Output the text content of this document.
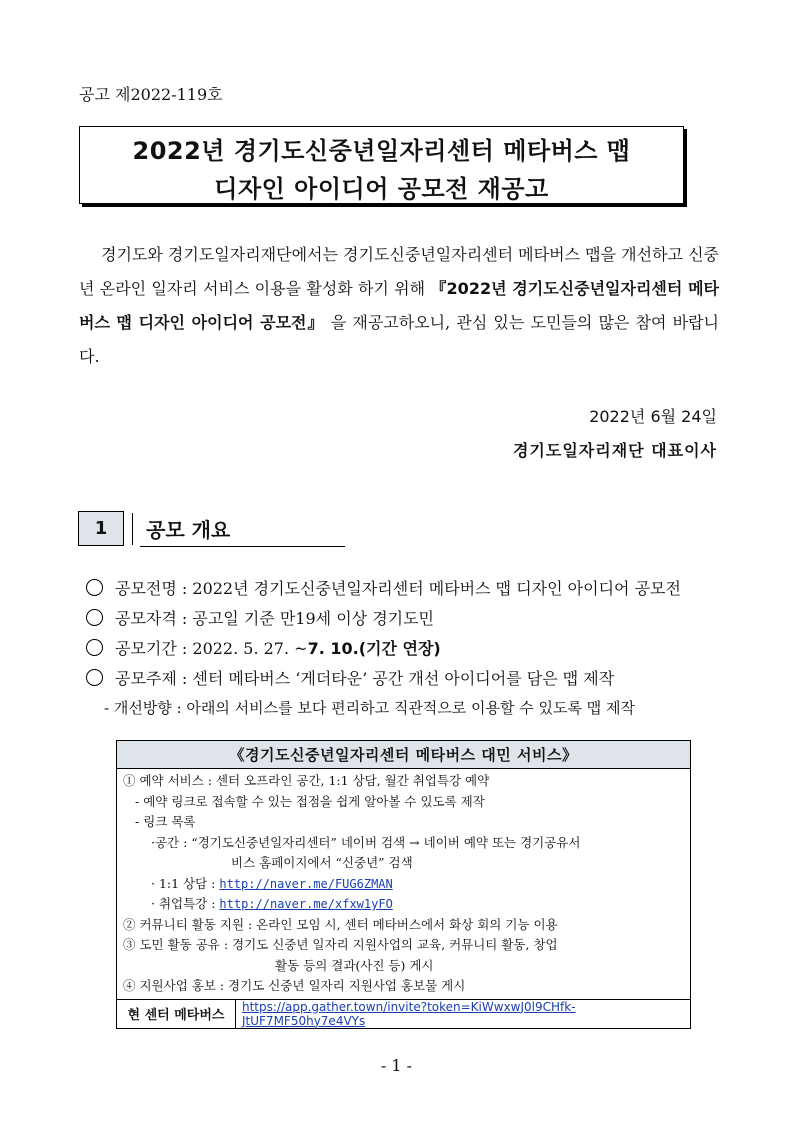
공고 제2022-119호
2022년 경기도신중년일자리센터 메타버스 맵
디자인 아이디어 공모전 재공고

경기도와 경기도일자리재단에서는 경기도신중년일자리센터 메타버스 맵을 개선하고 신중년 온라인 일자리 서비스 이용을 활성화 하기 위해 『2022년 경기도신중년일자리센터 메타버스 맵 디자인 아이디어 공모전』 을 재공고하오니, 관심 있는 도민들의 많은 참여 바랍니다.

2022년 6월 24일
경기도일자리재단 대표이사
1	공모 개요
공모전명 : 2022년 경기도신중년일자리센터 메타버스 맵 디자인 아이디어 공모전
공모자격 : 공고일 기준 만19세 이상 경기도민
공모기간 : 2022. 5. 27. ~ 7. 10.(기간 연장)
공모주제 : 센터 메타버스 ‘게더타운’ 공간 개선 아이디어를 담은 맵 제작
- 개선방향 : 아래의 서비스를 보다 편리하고 직관적으로 이용할 수 있도록 맵 제작
《경기도신중년일자리센터 메타버스 대민 서비스》

① 예약 서비스 : 센터 오프라인 공간, 1:1 상담, 월간 취업특강 예약
- 예약 링크로 접속할 수 있는 접점을 쉽게 알아볼 수 있도록 제작
- 링크 목록
·공간 : “경기도신중년일자리센터” 네이버 검색 → 네이버 예약 또는 경기공유서
비스 홈페이지에서 “신중년” 검색
· 1:1 상담 : http://naver.me/FUG6ZMAN
· 취업특강 : http://naver.me/xfxw1yFO
② 커뮤니티 활동 지원 : 온라인 모임 시, 센터 메타버스에서 화상 회의 기능 이용
③ 도민 활동 공유 : 경기도 신중년 일자리 지원사업의 교육, 커뮤니티 활동, 창업
활동 등의 결과(사진 등) 게시
④ 지원사업 홍보 : 경기도 신중년 일자리 지원사업 홍보물 게시

현 센터 메타버스	https://app.gather.town/invite?token=KiWwxwJ0l9CHfk-JtUF7MF50hy7e4VYs
- 1 -
